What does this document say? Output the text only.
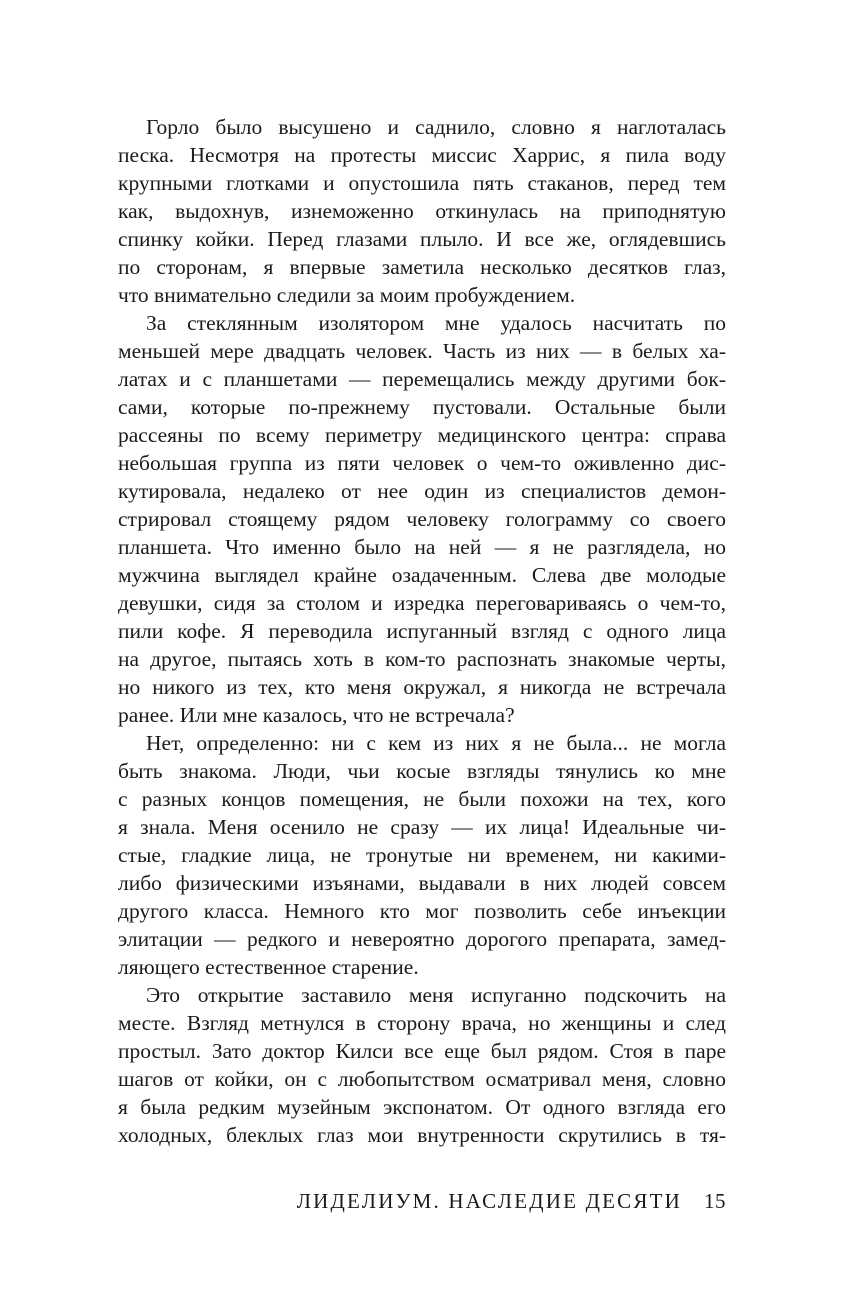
Горло было высушено и саднило, словно я наглоталась
песка. Несмотря на протесты миссис Харрис, я пила воду
крупными глотками и опустошила пять стаканов, перед тем
как, выдохнув, изнеможенно откинулась на приподнятую
спинку койки. Перед глазами плыло. И все же, оглядевшись
по сторонам, я впервые заметила несколько десятков глаз,
что внимательно следили за моим пробуждением.
За стеклянным изолятором мне удалось насчитать по
меньшей мере двадцать человек. Часть из них — в белых ха-
латах и с планшетами — перемещались между другими бок-
сами, которые по-прежнему пустовали. Остальные были
рассеяны по всему периметру медицинского центра: справа
небольшая группа из пяти человек о чем-то оживленно дис-
кутировала, недалеко от нее один из специалистов демон-
стрировал стоящему рядом человеку голограмму со своего
планшета. Что именно было на ней — я не разглядела, но
мужчина выглядел крайне озадаченным. Слева две молодые
девушки, сидя за столом и изредка переговариваясь о чем-то,
пили кофе. Я переводила испуганный взгляд с одного лица
на другое, пытаясь хоть в ком-то распознать знакомые черты,
но никого из тех, кто меня окружал, я никогда не встречала
ранее. Или мне казалось, что не встречала?
Нет, определенно: ни с кем из них я не была... не могла
быть знакома. Люди, чьи косые взгляды тянулись ко мне
с разных концов помещения, не были похожи на тех, кого
я знала. Меня осенило не сразу — их лица! Идеальные чи-
стые, гладкие лица, не тронутые ни временем, ни какими-
либо физическими изъянами, выдавали в них людей совсем
другого класса. Немного кто мог позволить себе инъекции
элитации — редкого и невероятно дорогого препарата, замед-
ляющего естественное старение.
Это открытие заставило меня испуганно подскочить на
месте. Взгляд метнулся в сторону врача, но женщины и след
простыл. Зато доктор Килси все еще был рядом. Стоя в паре
шагов от койки, он с любопытством осматривал меня, словно
я была редким музейным экспонатом. От одного взгляда его
холодных, блеклых глаз мои внутренности скрутились в тя-
ЛИДЕЛИУМ. НАСЛЕДИЕ ДЕСЯТИ 15
